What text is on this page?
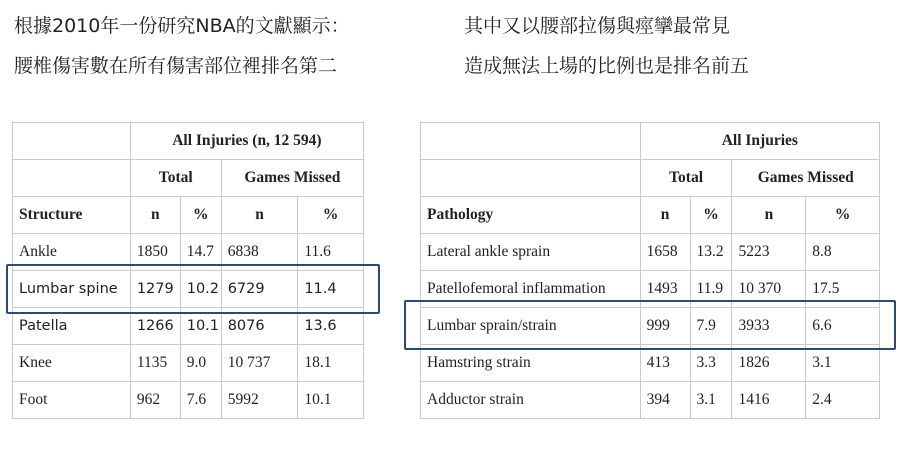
根據2010年一份研究NBA的文獻顯示：
腰椎傷害數在所有傷害部位裡排名第二
其中又以腰部拉傷與痙攣最常見
造成無法上場的比例也是排名前五
	All Injuries (n, 12 594)			
	Total		Games Missed	
Structure	n	%	n	%
Ankle	1850	14.7	6838	11.6
Lumbar spine	1279	10.2	6729	11.4
Patella	1266	10.1	8076	13.6
Knee	1135	9.0	10 737	18.1
Foot	962	7.6	5992	10.1
	All Injuries			
	Total		Games Missed	
Pathology	n	%	n	%
Lateral ankle sprain	1658	13.2	5223	8.8
Patellofemoral inflammation	1493	11.9	10 370	17.5
Lumbar sprain/strain	999	7.9	3933	6.6
Hamstring strain	413	3.3	1826	3.1
Adductor strain	394	3.1	1416	2.4
